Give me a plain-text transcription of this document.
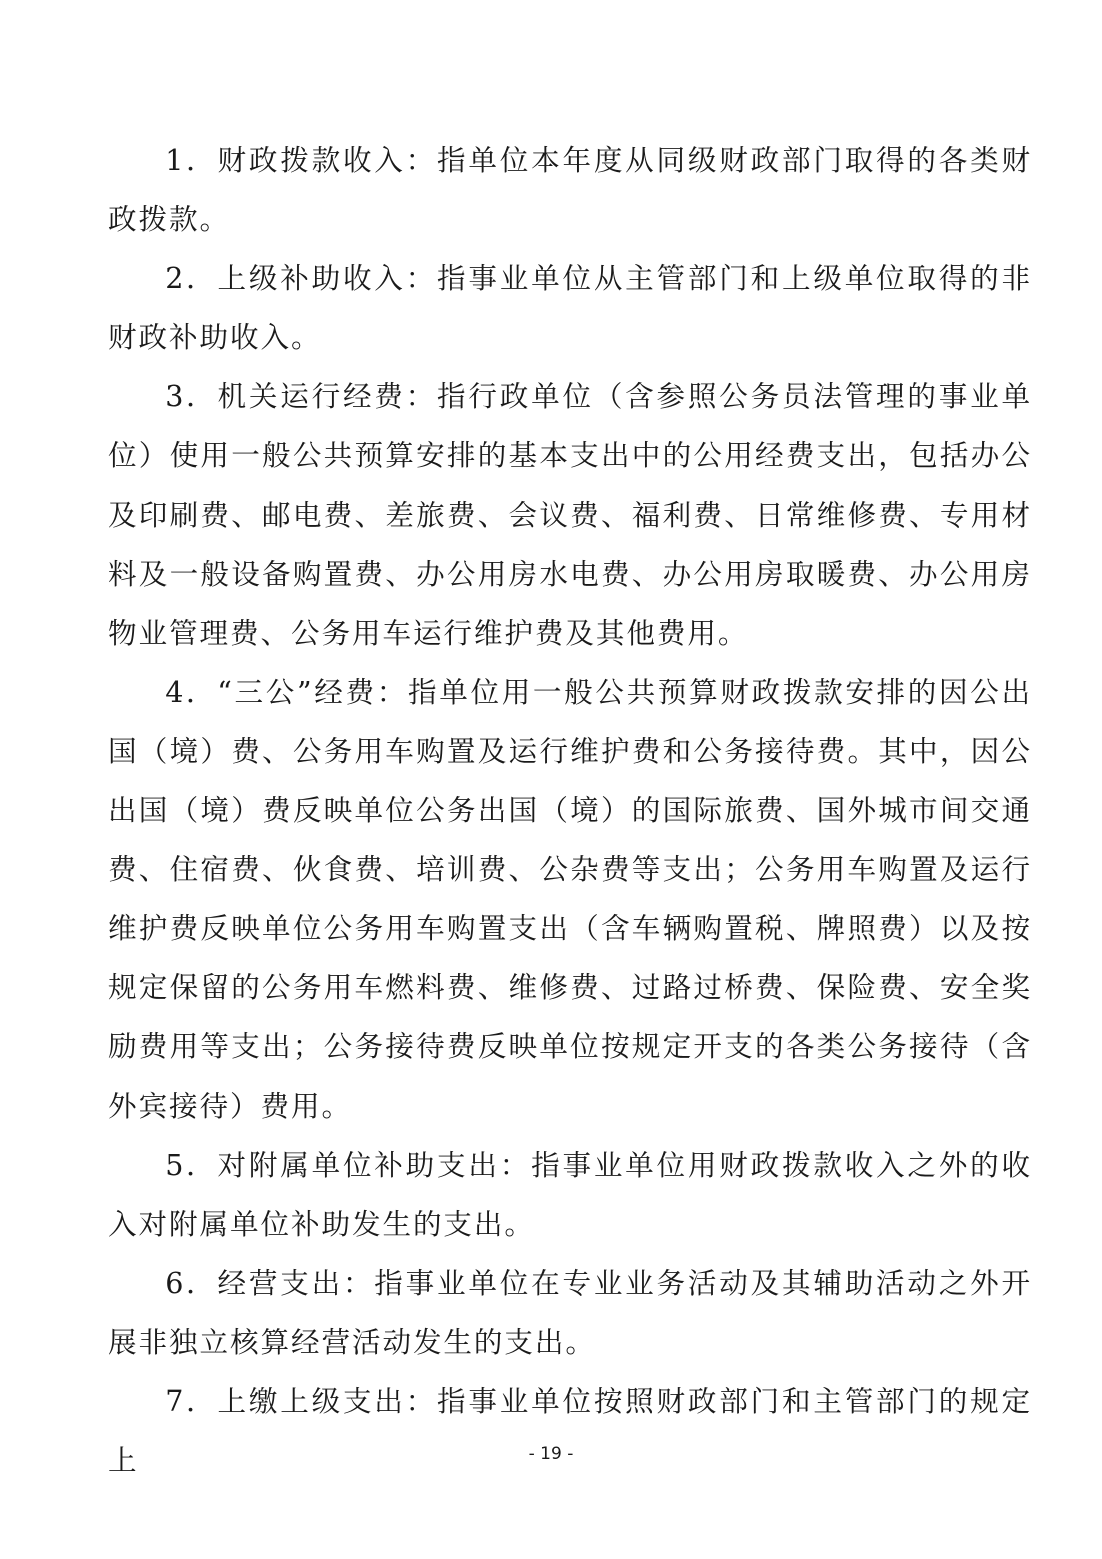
1．财政拨款收入：指单位本年度从同级财政部门取得的各类财政拨款。

2．上级补助收入：指事业单位从主管部门和上级单位取得的非财政补助收入。

3．机关运行经费：指行政单位（含参照公务员法管理的事业单位）使用一般公共预算安排的基本支出中的公用经费支出，包括办公及印刷费、邮电费、差旅费、会议费、福利费、日常维修费、专用材料及一般设备购置费、办公用房水电费、办公用房取暖费、办公用房物业管理费、公务用车运行维护费及其他费用。

4．“三公”经费：指单位用一般公共预算财政拨款安排的因公出国（境）费、公务用车购置及运行维护费和公务接待费。其中，因公出国（境）费反映单位公务出国（境）的国际旅费、国外城市间交通费、住宿费、伙食费、培训费、公杂费等支出；公务用车购置及运行维护费反映单位公务用车购置支出（含车辆购置税、牌照费）以及按规定保留的公务用车燃料费、维修费、过路过桥费、保险费、安全奖励费用等支出；公务接待费反映单位按规定开支的各类公务接待（含外宾接待）费用。

5．对附属单位补助支出：指事业单位用财政拨款收入之外的收入对附属单位补助发生的支出。

6．经营支出：指事业单位在专业业务活动及其辅助活动之外开展非独立核算经营活动发生的支出。

7．上缴上级支出：指事业单位按照财政部门和主管部门的规定上	- 19 -
